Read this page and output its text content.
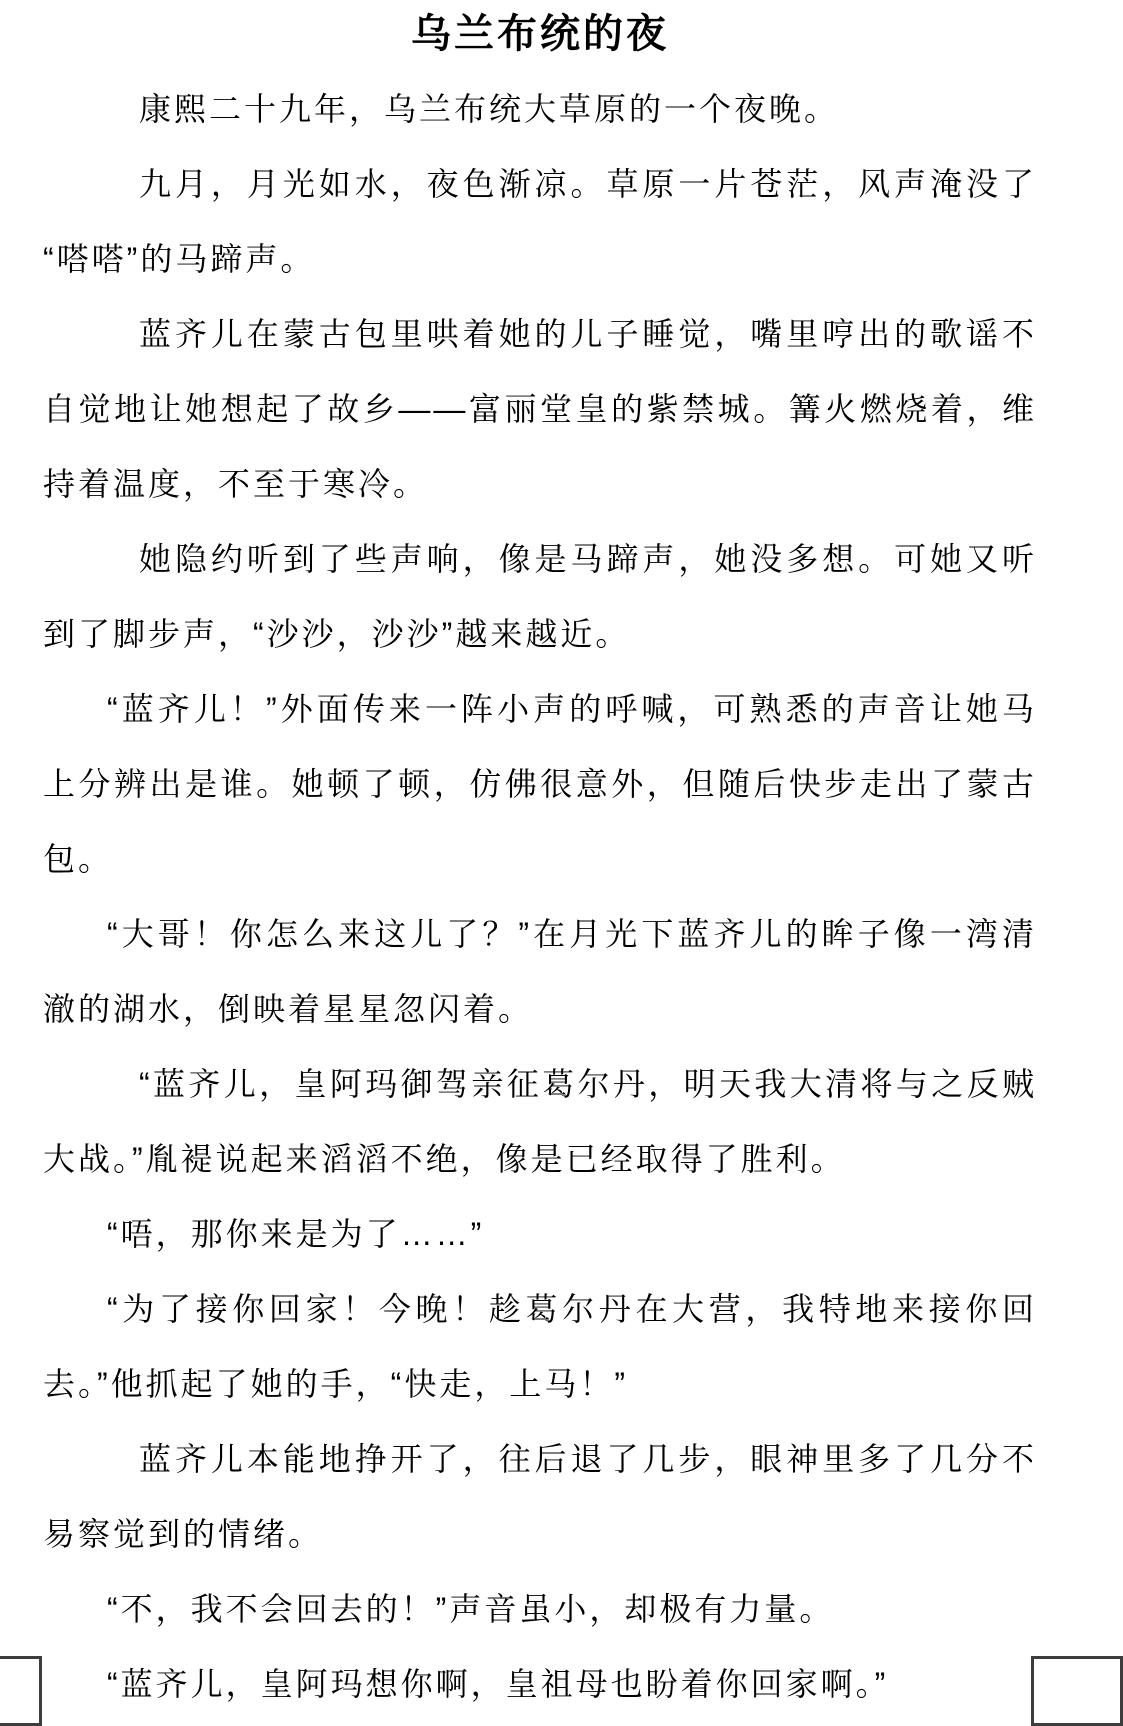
乌兰布统的夜

康熙二十九年，乌兰布统大草原的一个夜晚。

九月，月光如水，夜色渐凉。草原一片苍茫，风声淹没了“嗒嗒”的马蹄声。

蓝齐儿在蒙古包里哄着她的儿子睡觉，嘴里哼出的歌谣不自觉地让她想起了故乡——富丽堂皇的紫禁城。篝火燃烧着，维持着温度，不至于寒冷。

她隐约听到了些声响，像是马蹄声，她没多想。可她又听到了脚步声，“沙沙，沙沙”越来越近。

“蓝齐儿！”外面传来一阵小声的呼喊，可熟悉的声音让她马上分辨出是谁。她顿了顿，仿佛很意外，但随后快步走出了蒙古包。

“大哥！你怎么来这儿了？”在月光下蓝齐儿的眸子像一湾清澈的湖水，倒映着星星忽闪着。

“蓝齐儿，皇阿玛御驾亲征葛尔丹，明天我大清将与之反贼大战。”胤褆说起来滔滔不绝，像是已经取得了胜利。

“唔，那你来是为了……”

“为了接你回家！今晚！趁葛尔丹在大营，我特地来接你回去。”他抓起了她的手，“快走，上马！”

蓝齐儿本能地挣开了，往后退了几步，眼神里多了几分不易察觉到的情绪。

“不，我不会回去的！”声音虽小，却极有力量。

“蓝齐儿，皇阿玛想你啊，皇祖母也盼着你回家啊。”
